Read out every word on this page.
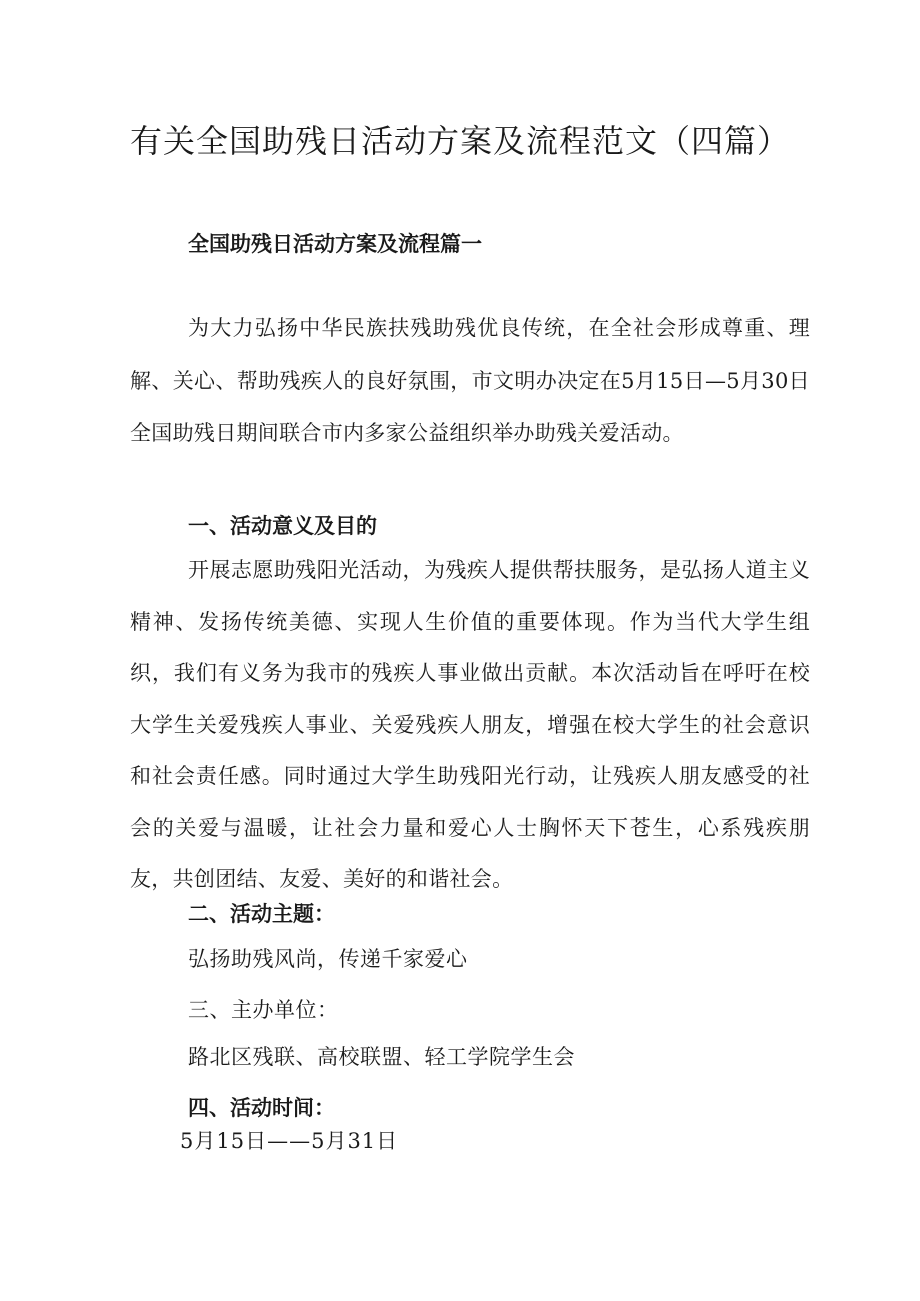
有关全国助残日活动方案及流程范文（四篇）
全国助残日活动方案及流程篇一

为大力弘扬中华民族扶残助残优良传统，在全社会形成尊重、理解、关心、帮助残疾人的良好氛围，市文明办决定在5月15日—5月30日全国助残日期间联合市内多家公益组织举办助残关爱活动。

一、活动意义及目的

开展志愿助残阳光活动，为残疾人提供帮扶服务，是弘扬人道主义精神、发扬传统美德、实现人生价值的重要体现。作为当代大学生组织，我们有义务为我市的残疾人事业做出贡献。本次活动旨在呼吁在校大学生关爱残疾人事业、关爱残疾人朋友，增强在校大学生的社会意识和社会责任感。同时通过大学生助残阳光行动，让残疾人朋友感受的社会的关爱与温暖，让社会力量和爱心人士胸怀天下苍生，心系残疾朋友，共创团结、友爱、美好的和谐社会。

二、活动主题：

弘扬助残风尚，传递千家爱心

三、主办单位：

路北区残联、高校联盟、轻工学院学生会

四、活动时间：

5月15日——5月31日
